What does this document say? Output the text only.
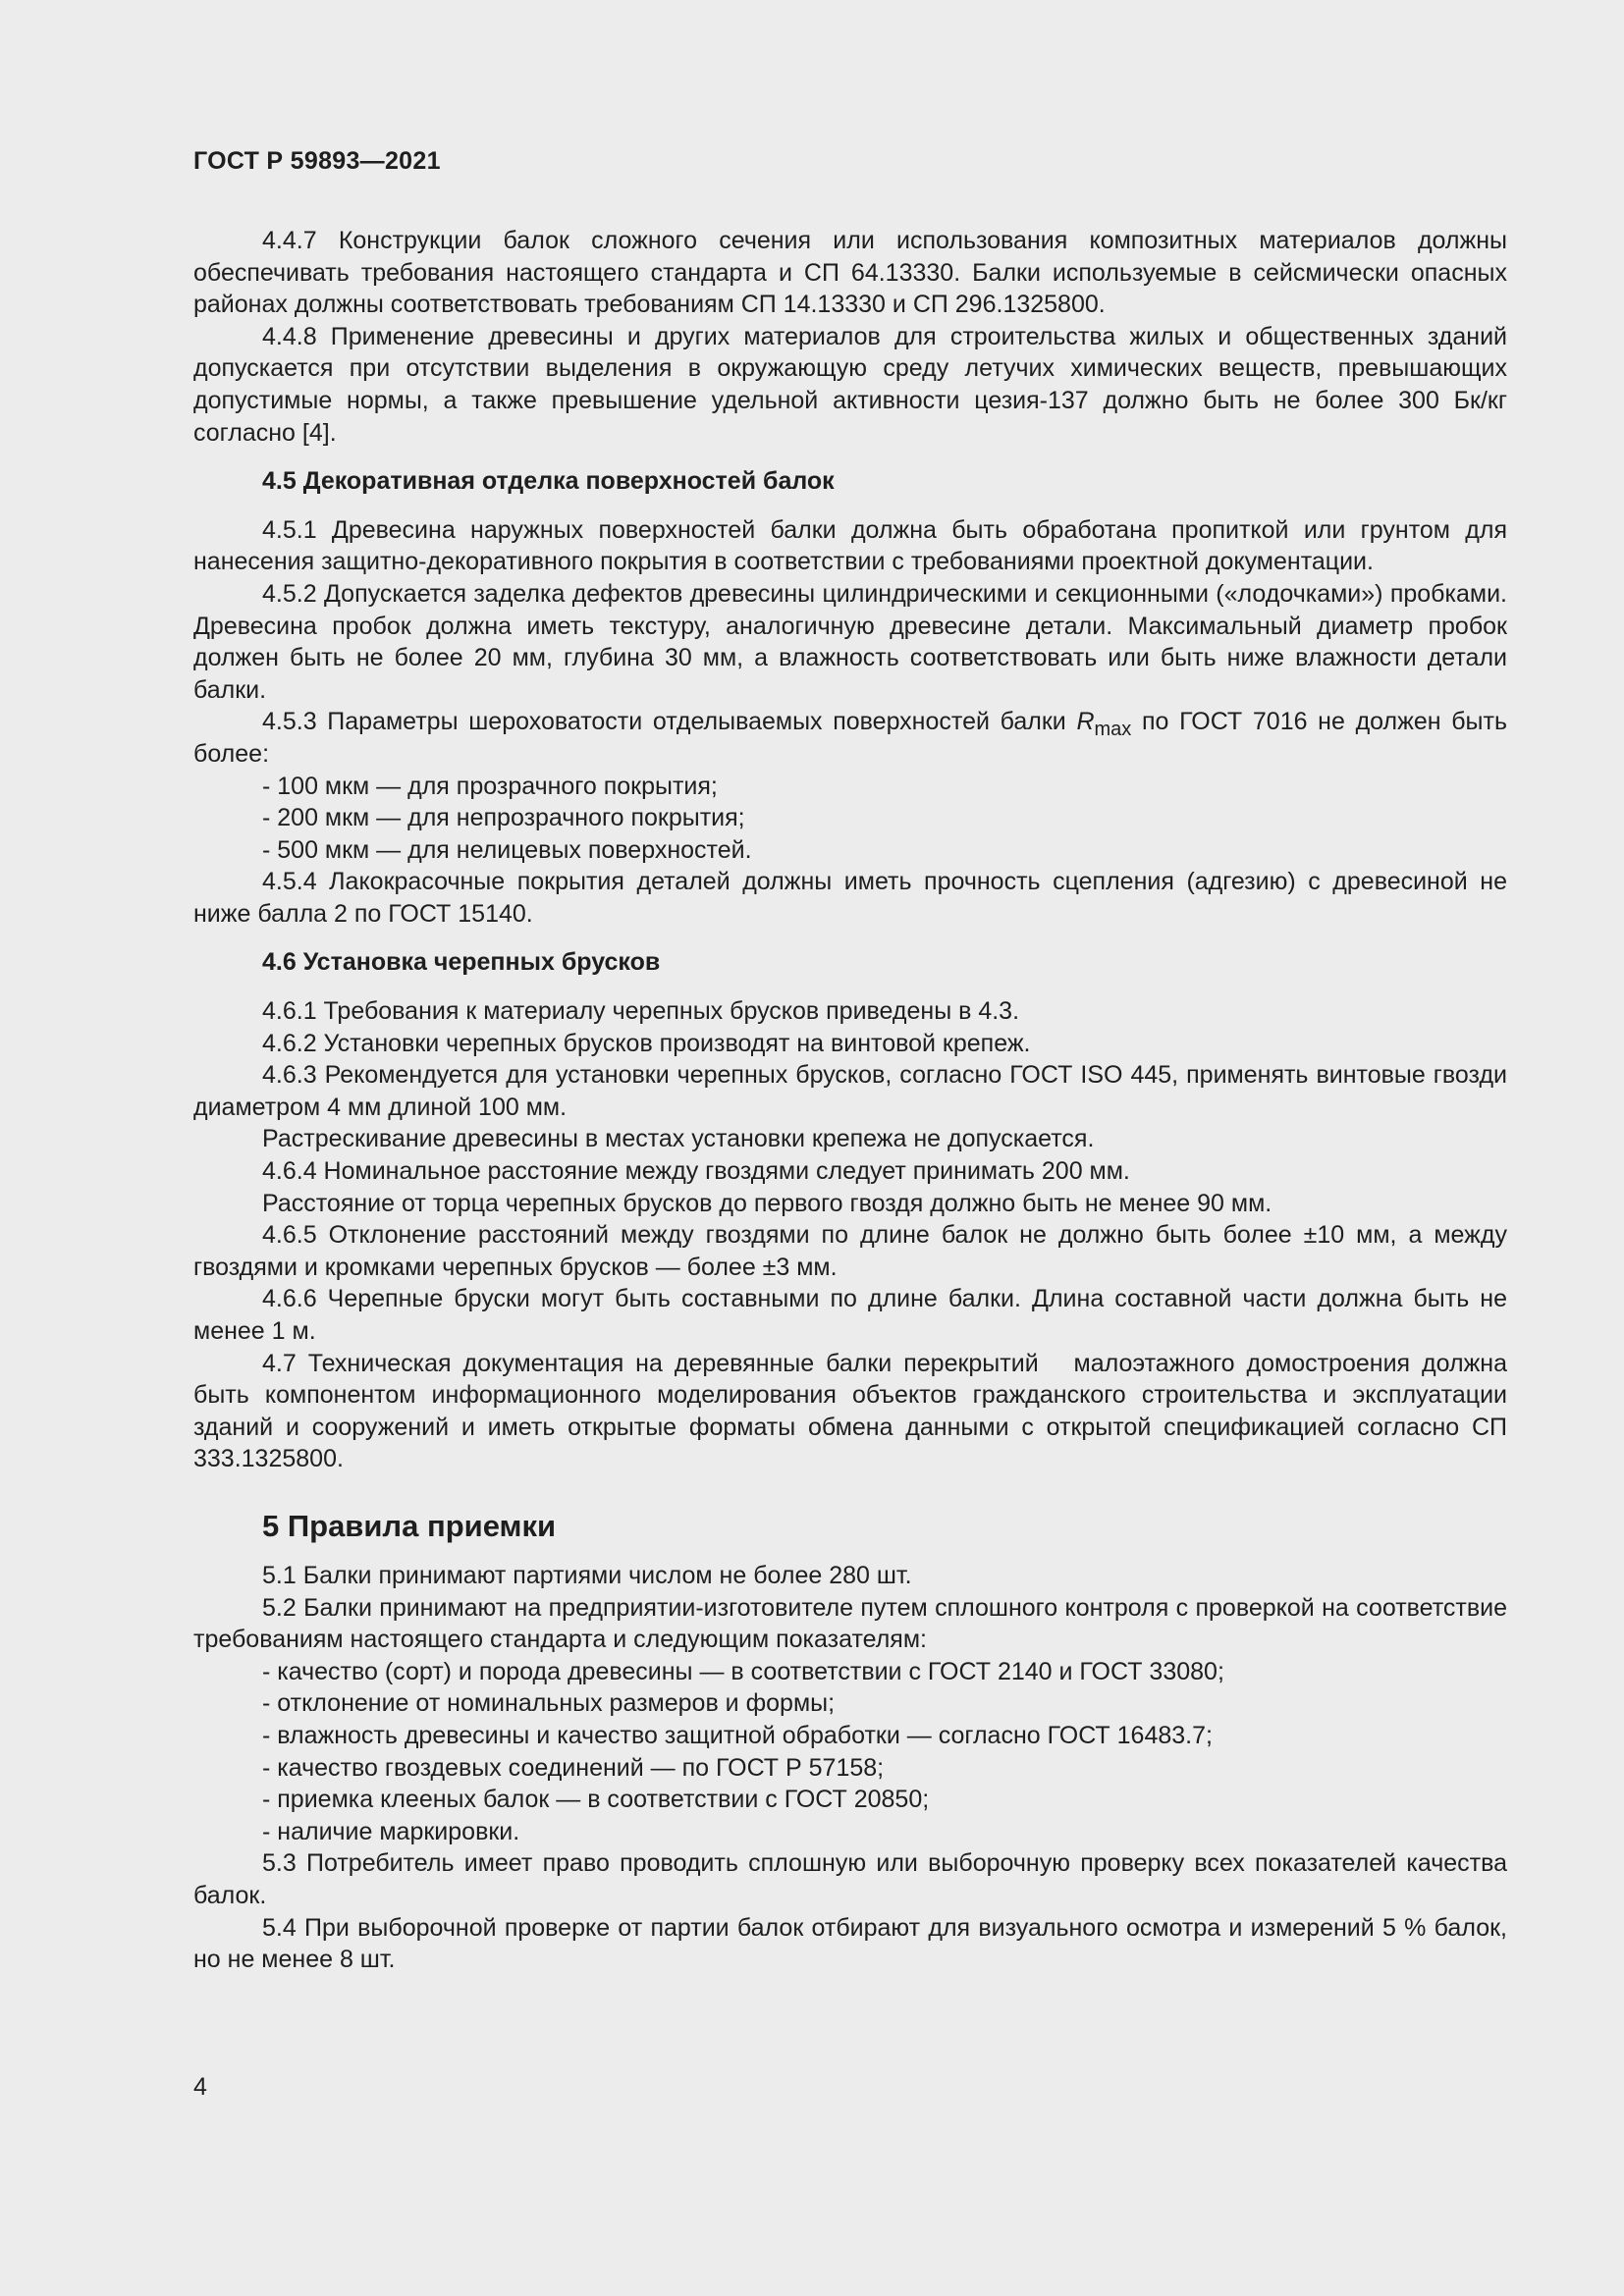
ГОСТ Р 59893—2021

4.4.7 Конструкции балок сложного сечения или использования композитных материалов должны обеспечивать требования настоящего стандарта и СП 64.13330. Балки используемые в сейсмически опасных районах должны соответствовать требованиям СП 14.13330 и СП 296.1325800.

4.4.8 Применение древесины и других материалов для строительства жилых и общественных зданий допускается при отсутствии выделения в окружающую среду летучих химических веществ, превышающих допустимые нормы, а также превышение удельной активности цезия-137 должно быть не более 300 Бк/кг согласно [4].

4.5 Декоративная отделка поверхностей балок

4.5.1 Древесина наружных поверхностей балки должна быть обработана пропиткой или грунтом для нанесения защитно-декоративного покрытия в соответствии с требованиями проектной документации.

4.5.2 Допускается заделка дефектов древесины цилиндрическими и секционными («лодочками») пробками. Древесина пробок должна иметь текстуру, аналогичную древесине детали. Максимальный диаметр пробок должен быть не более 20 мм, глубина 30 мм, а влажность соответствовать или быть ниже влажности детали балки.

4.5.3 Параметры шероховатости отделываемых поверхностей балки $R_{max}$ по ГОСТ 7016 не должен быть более:

- 100 мкм — для прозрачного покрытия;
- 200 мкм — для непрозрачного покрытия;
- 500 мкм — для нелицевых поверхностей.

4.5.4 Лакокрасочные покрытия деталей должны иметь прочность сцепления (адгезию) с древесиной не ниже балла 2 по ГОСТ 15140.

4.6 Установка черепных брусков

4.6.1 Требования к материалу черепных брусков приведены в 4.3.

4.6.2 Установки черепных брусков производят на винтовой крепеж.

4.6.3 Рекомендуется для установки черепных брусков, согласно ГОСТ ISO 445, применять винтовые гвозди диаметром 4 мм длиной 100 мм.

Растрескивание древесины в местах установки крепежа не допускается.

4.6.4 Номинальное расстояние между гвоздями следует принимать 200 мм.

Расстояние от торца черепных брусков до первого гвоздя должно быть не менее 90 мм.

4.6.5 Отклонение расстояний между гвоздями по длине балок не должно быть более ±10 мм, а между гвоздями и кромками черепных брусков — более ±3 мм.

4.6.6 Черепные бруски могут быть составными по длине балки. Длина составной части должна быть не менее 1 м.

4.7 Техническая документация на деревянные балки перекрытий   малоэтажного домостроения должна быть компонентом информационного моделирования объектов гражданского строительства и эксплуатации зданий и сооружений и иметь открытые форматы обмена данными с открытой спецификацией согласно СП 333.1325800.

5 Правила приемки

5.1 Балки принимают партиями числом не более 280 шт.

5.2 Балки принимают на предприятии-изготовителе путем сплошного контроля с проверкой на соответствие требованиям настоящего стандарта и следующим показателям:

- качество (сорт) и порода древесины — в соответствии с ГОСТ 2140 и ГОСТ 33080;
- отклонение от номинальных размеров и формы;
- влажность древесины и качество защитной обработки — согласно ГОСТ 16483.7;
- качество гвоздевых соединений — по ГОСТ Р 57158;
- приемка клееных балок — в соответствии с ГОСТ 20850;
- наличие маркировки.

5.3 Потребитель имеет право проводить сплошную или выборочную проверку всех показателей качества балок.

5.4 При выборочной проверке от партии балок отбирают для визуального осмотра и измерений 5 % балок, но не менее 8 шт.

4
